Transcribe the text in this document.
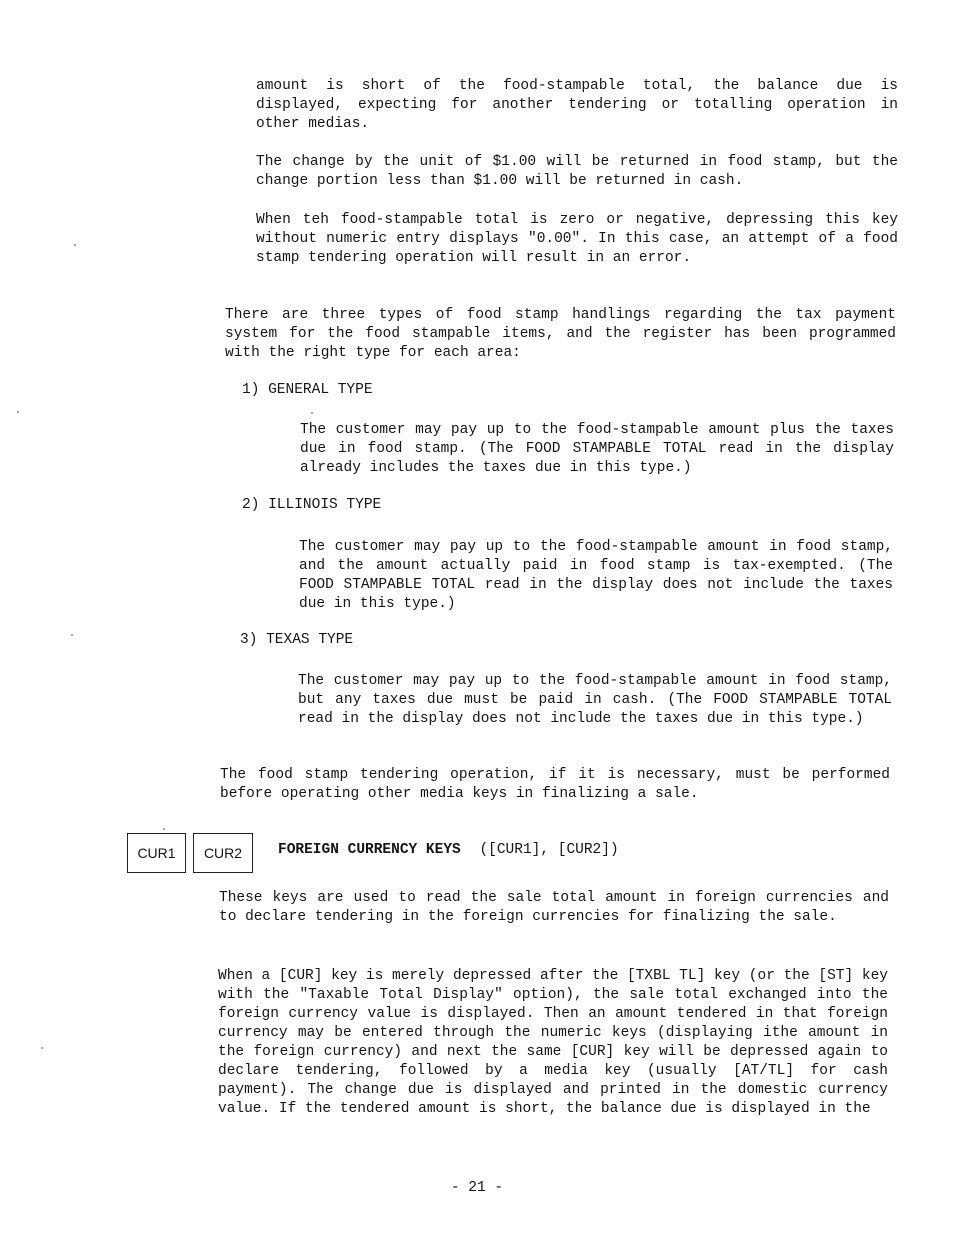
amount is short of the food-stampable total, the balance due is displayed, expecting for another tendering or totalling operation in other medias.

The change by the unit of $1.00 will be returned in food stamp, but the change portion less than $1.00 will be returned in cash.

When teh food-stampable total is zero or negative, depressing this key without numeric entry displays "0.00". In this case, an attempt of a food stamp tendering operation will result in an error.

There are three types of food stamp handlings regarding the tax payment system for the food stampable items, and the register has been programmed with the right type for each area:

1) GENERAL TYPE

The customer may pay up to the food-stampable amount plus the taxes due in food stamp. (The FOOD STAMPABLE TOTAL read in the display already includes the taxes due in this type.)

2) ILLINOIS TYPE

The customer may pay up to the food-stampable amount in food stamp, and the amount actually paid in food stamp is tax-exempted. (The FOOD STAMPABLE TOTAL read in the display does not include the taxes due in this type.)

3) TEXAS TYPE

The customer may pay up to the food-stampable amount in food stamp, but any taxes due must be paid in cash. (The FOOD STAMPABLE TOTAL read in the display does not include the taxes due in this type.)

The food stamp tendering operation, if it is necessary, must be performed before operating other media keys in finalizing a sale.

CUR1 CUR2 FOREIGN CURRENCY KEYS ([CUR1], [CUR2])

These keys are used to read the sale total amount in foreign currencies and to declare tendering in the foreign currencies for finalizing the sale.

When a [CUR] key is merely depressed after the [TXBL TL] key (or the [ST] key with the "Taxable Total Display" option), the sale total exchanged into the foreign currency value is displayed. Then an amount tendered in that foreign currency may be entered through the numeric keys (displaying ithe amount in the foreign currency) and next the same [CUR] key will be depressed again to declare tendering, followed by a media key (usually [AT/TL] for cash payment). The change due is displayed and printed in the domestic currency value. If the tendered amount is short, the balance due is displayed in the

- 21 -
